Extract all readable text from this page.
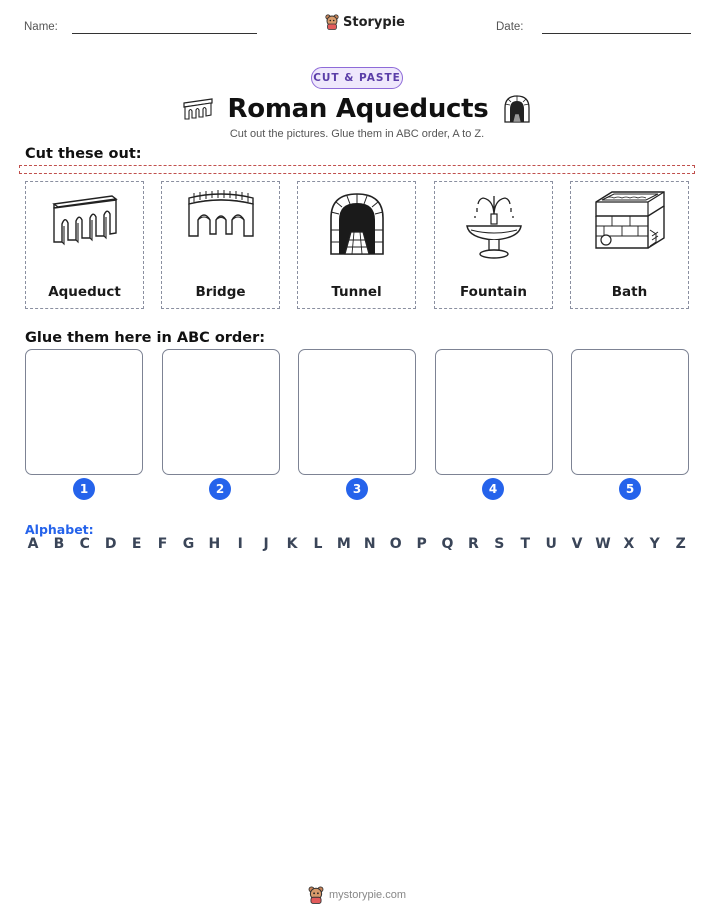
Name:	Storypie	Date:
CUT & PASTE
Roman Aqueducts
Cut out the pictures. Glue them in ABC order, A to Z.
Cut these out:
Aqueduct	Bridge	Tunnel	Fountain	Bath
Glue them here in ABC order:
1	2	3	4	5
Alphabet:
A B C D E F G H	I	J	K L M N O P Q R S T U V W X Y Z
mystorypie.com
